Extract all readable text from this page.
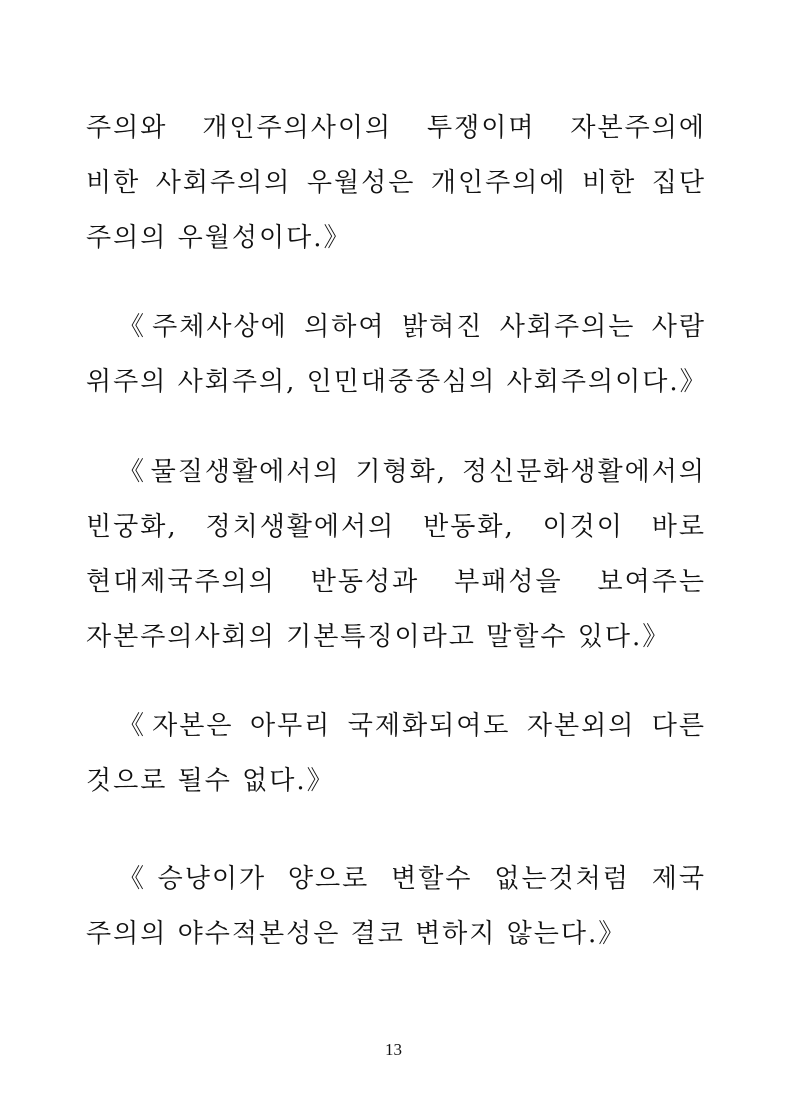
주의와 개인주의사이의 투쟁이며 자본주의에
비한 사회주의의 우월성은 개인주의에 비한 집단
주의의 우월성이다.》
《주체사상에 의하여 밝혀진 사회주의는 사람
위주의 사회주의, 인민대중중심의 사회주의이다.》
《물질생활에서의 기형화, 정신문화생활에서의
빈궁화, 정치생활에서의 반동화, 이것이 바로
현대제국주의의 반동성과 부패성을 보여주는
자본주의사회의 기본특징이라고 말할수 있다.》
《자본은 아무리 국제화되여도 자본외의 다른
것으로 될수 없다.》
《승냥이가 양으로 변할수 없는것처럼 제국
주의의 야수적본성은 결코 변하지 않는다.》
13
